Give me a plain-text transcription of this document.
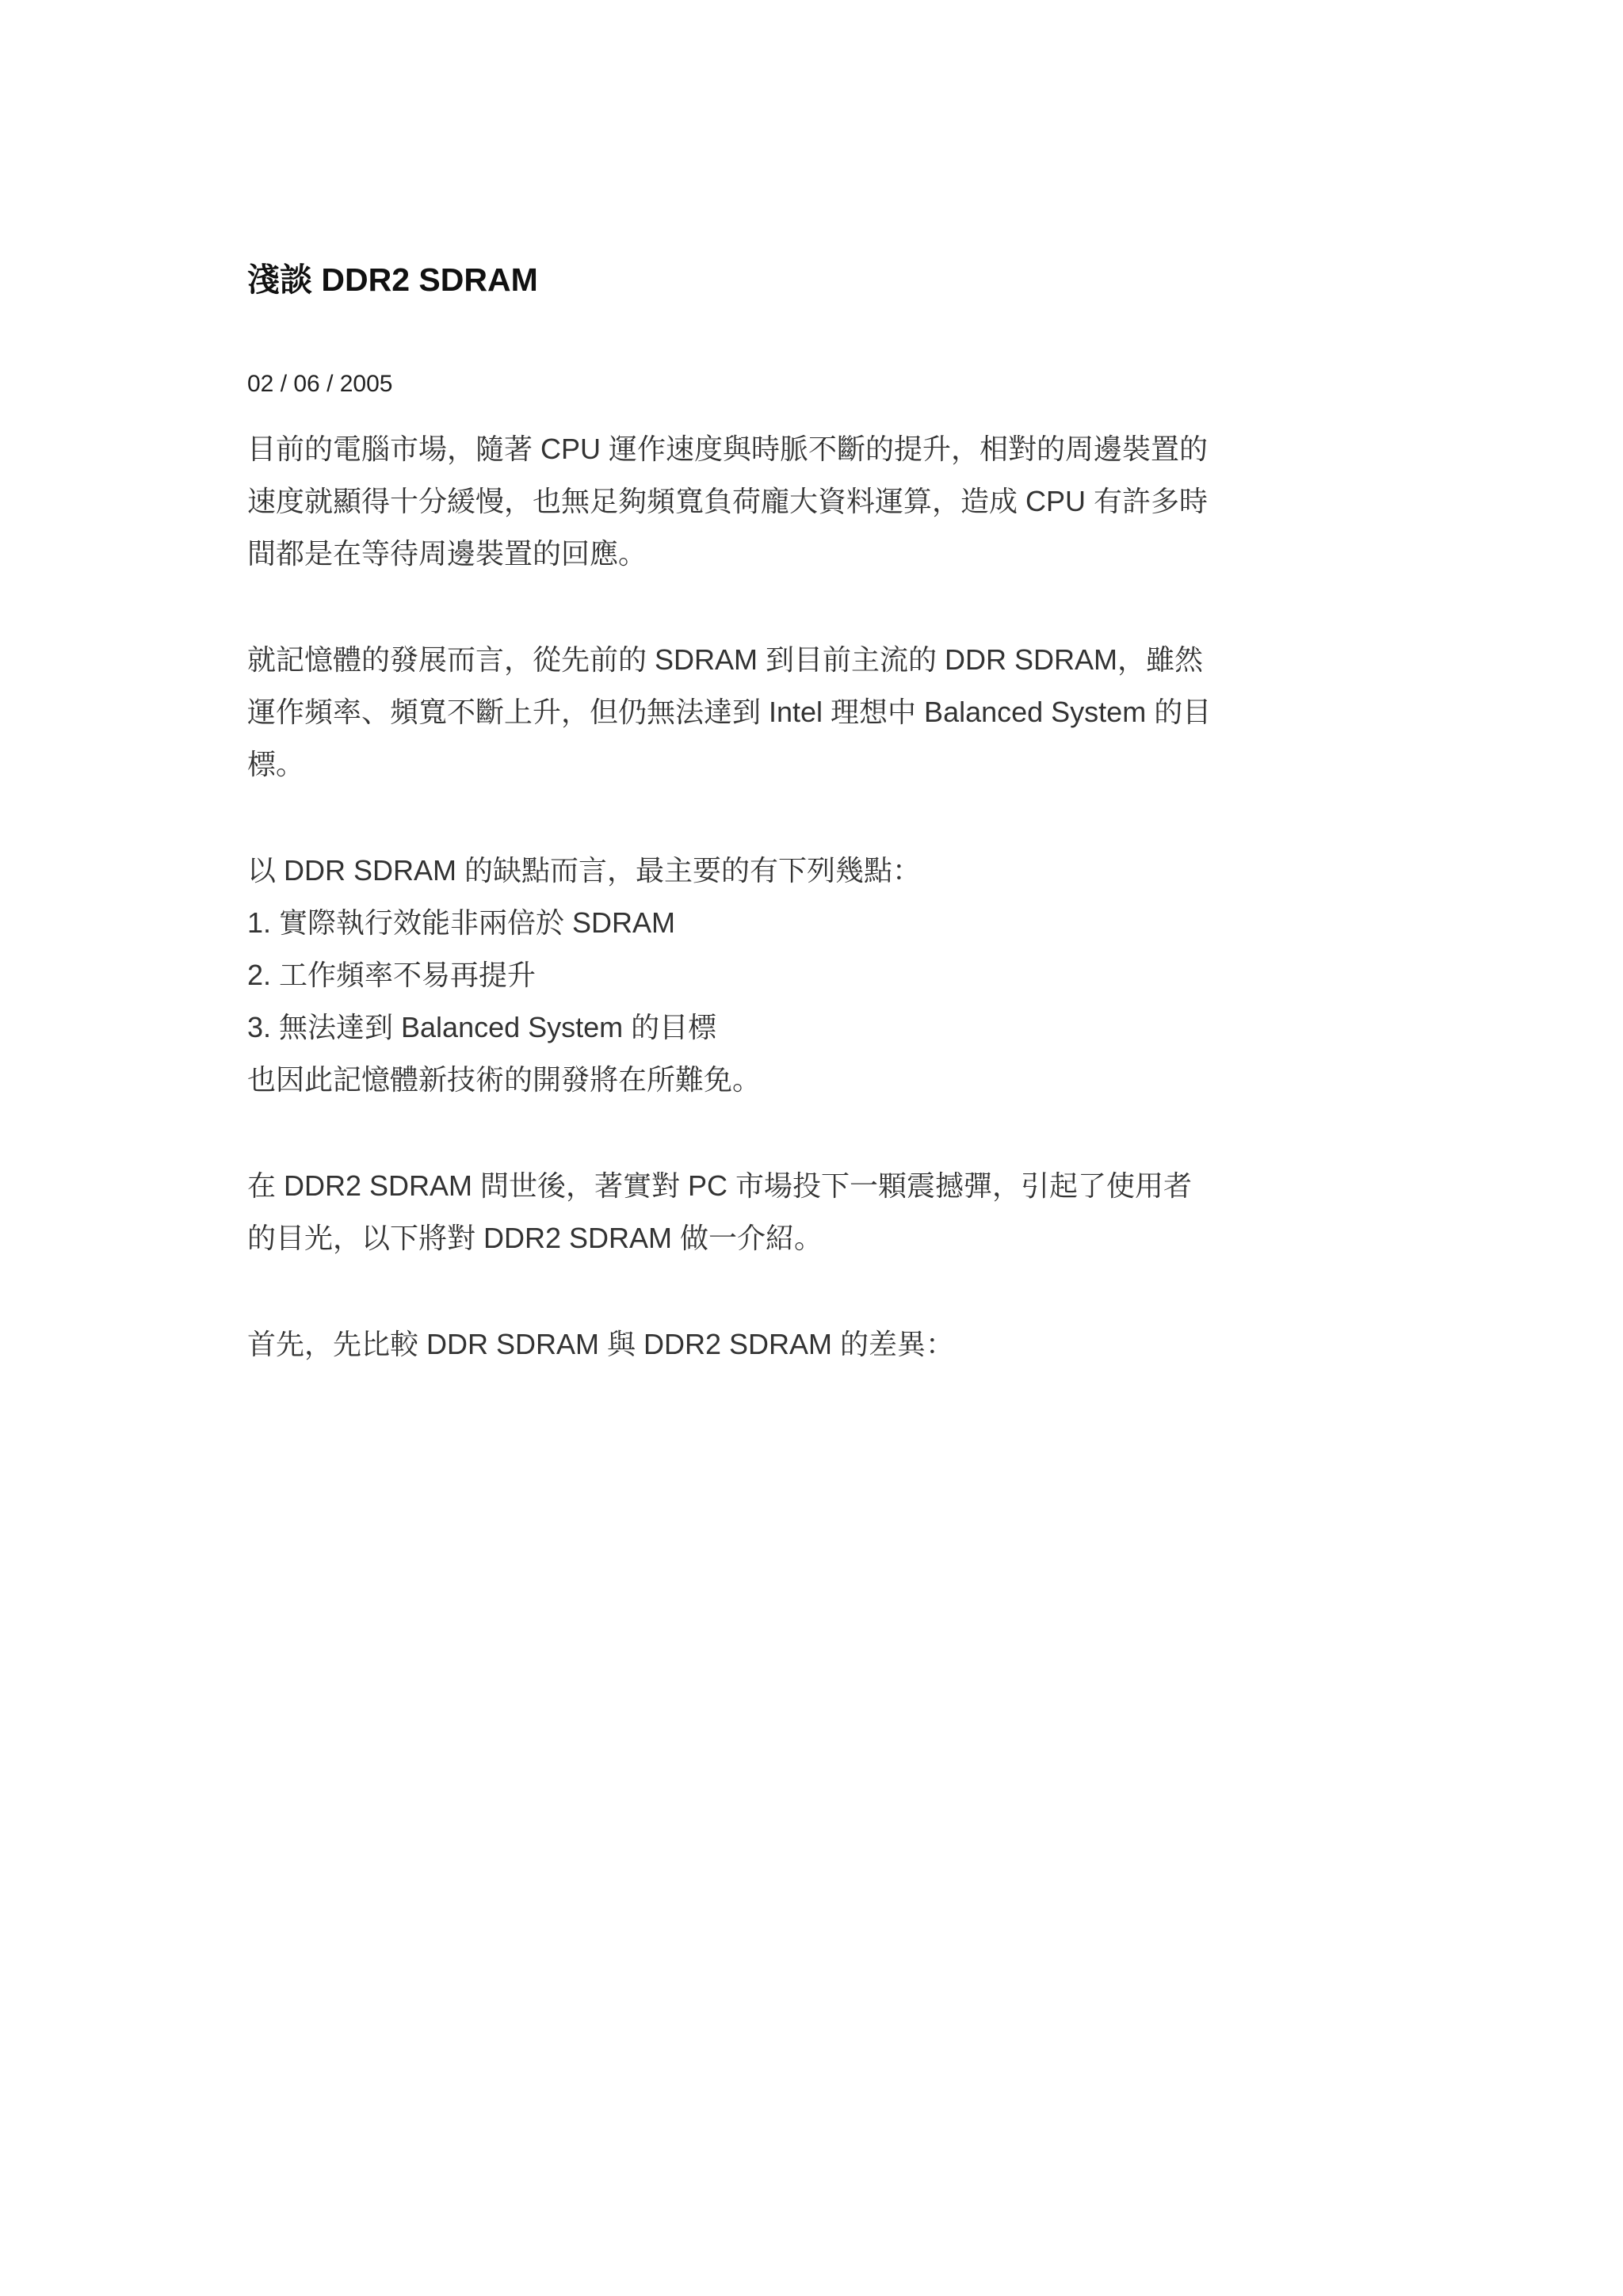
淺談 DDR2 SDRAM
02 / 06 / 2005
目前的電腦市場，隨著 CPU 運作速度與時脈不斷的提升，相對的周邊裝置的
速度就顯得十分緩慢，也無足夠頻寬負荷龐大資料運算，造成 CPU 有許多時
間都是在等待周邊裝置的回應。
就記憶體的發展而言，從先前的 SDRAM 到目前主流的 DDR SDRAM，雖然
運作頻率、頻寬不斷上升，但仍無法達到 Intel 理想中 Balanced System 的目
標。
以 DDR SDRAM 的缺點而言，最主要的有下列幾點：
1. 實際執行效能非兩倍於 SDRAM
2. 工作頻率不易再提升
3. 無法達到 Balanced System 的目標
也因此記憶體新技術的開發將在所難免。
在 DDR2 SDRAM 問世後，著實對 PC 市場投下一顆震撼彈，引起了使用者
的目光，以下將對 DDR2 SDRAM 做一介紹。
首先，先比較 DDR SDRAM 與 DDR2 SDRAM 的差異：
